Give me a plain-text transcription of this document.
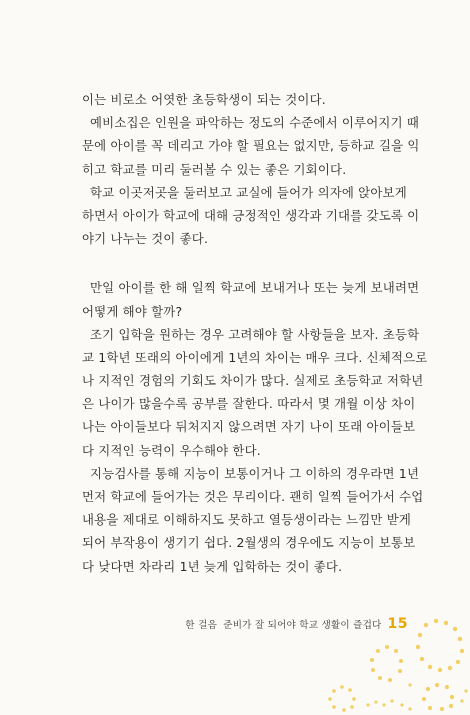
이는 비로소 어엿한 초등학생이 되는 것이다.
예비소집은 인원을 파악하는 정도의 수준에서 이루어지기 때
문에 아이를 꼭 데리고 가야 할 필요는 없지만, 등하교 길을 익
히고 학교를 미리 둘러볼 수 있는 좋은 기회이다.
학교 이곳저곳을 둘러보고 교실에 들어가 의자에 앉아보게
하면서 아이가 학교에 대해 긍정적인 생각과 기대를 갖도록 이
야기 나누는 것이 좋다.
만일 아이를 한 해 일찍 학교에 보내거나 또는 늦게 보내려면
어떻게 해야 할까?
조기 입학을 원하는 경우 고려해야 할 사항들을 보자. 초등학
교 1학년 또래의 아이에게 1년의 차이는 매우 크다. 신체적으로
나 지적인 경험의 기회도 차이가 많다. 실제로 초등학교 저학년
은 나이가 많을수록 공부를 잘한다. 따라서 몇 개월 이상 차이
나는 아이들보다 뒤처지지 않으려면 자기 나이 또래 아이들보
다 지적인 능력이 우수해야 한다.
지능검사를 통해 지능이 보통이거나 그 이하의 경우라면 1년
먼저 학교에 들어가는 것은 무리이다. 괜히 일찍 들어가서 수업
내용을 제대로 이해하지도 못하고 열등생이라는 느낌만 받게
되어 부작용이 생기기 쉽다. 2월생의 경우에도 지능이 보통보
다 낮다면 차라리 1년 늦게 입학하는 것이 좋다.
한 걸음 준비가 잘 되어야 학교 생활이 즐겁다 15
